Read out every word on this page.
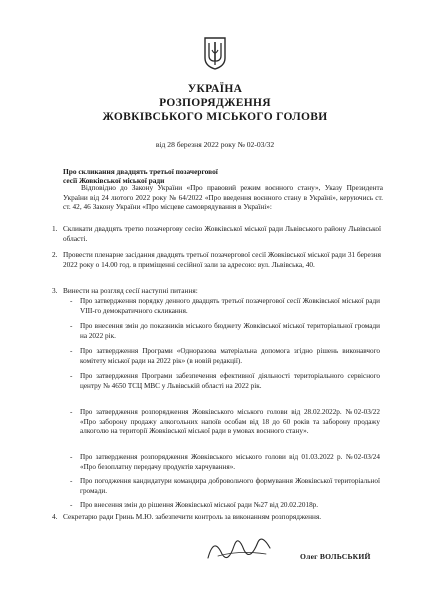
УКРАЇНА
РОЗПОРЯДЖЕННЯ
ЖОВКІВСЬКОГО МІСЬКОГО ГОЛОВИ
від 28 березня 2022 року № 02-03/32
Про скликання двадцять третьої позачергової
сесії Жовківської міської ради
Відповідно до Закону України «Про правовий режим воєнного стану», Указу Президента України від 24 лютого 2022 року № 64/2022 «Про введення воєнного стану в Україні», керуючись ст. ст. 42, 46 Закону України «Про місцеве самоврядування в Україні»:
1. Скликати двадцять третю позачергову сесію Жовківської міської ради Львівського району Львівської області.
2. Провести пленарне засідання двадцять третьої позачергової сесії Жовківської міської ради 31 березня 2022 року о 14.00 год. в приміщенні сесійної зали за адресою: вул. Львівська, 40.
3. Винести на розгляд сесії наступні питання:
- Про затвердження порядку денного двадцять третьої позачергової сесії Жовківської міської ради VIII-го демократичного скликання.
- Про внесення змін до показників міського бюджету Жовківської міської територіальної громади на 2022 рік.
- Про затвердження Програми «Одноразова матеріальна допомога згідно рішень виконавчого комітету міської ради на 2022 рік» (в новій редакції).
- Про затвердження Програми забезпечення ефективної діяльності територіального сервісного центру № 4650 ТСЦ МВС у Львівській області на 2022 рік.
- Про затвердження розпорядження Жовківського міського голови від 28.02.2022р. №02-03/22 «Про заборону продажу алкогольних напоїв особам від 18 до 60 років та заборону продажу алкоголю на території Жовківської міської ради в умовах воєнного стану».
- Про затвердження розпорядження Жовківського міського голови від 01.03.2022 р. №02-03/24 «Про безоплатну передачу продуктів харчування».
- Про погодження кандидатури командира добровольчого формування Жовківської територіальної громади.
- Про внесення змін до рішення Жовківської міської ради №27 від 20.02.2018р.
4. Секретарю ради Гринь М.Ю. забезпечити контроль за виконанням розпорядження.
Олег ВОЛЬСЬКИЙ
